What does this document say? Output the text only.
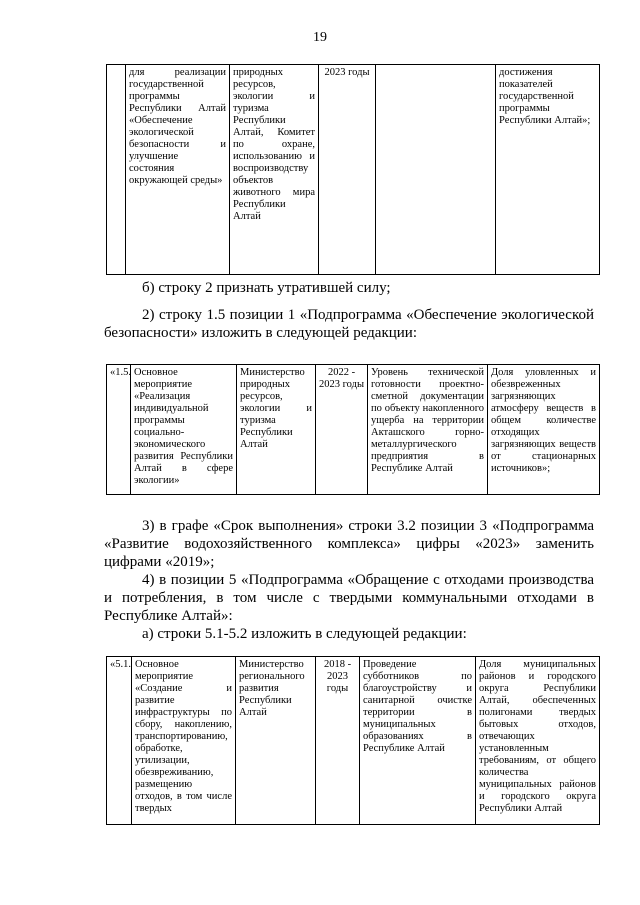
19
	для реализации государственной программы Республики Алтай «Обеспечение экологической безопасности и улучшение состояния окружающей среды»	природных ресурсов, экологии и туризма Республики Алтай, Комитет по охране, использованию и воспроизводству объектов животного мира Республики Алтай	2023 годы		достижения показателей государственной программы Республики Алтай»;

б) строку 2 признать утратившей силу;

2) строку 1.5 позиции 1 «Подпрограмма «Обеспечение экологической безопасности» изложить в следующей редакции:

«1.5.	Основное мероприятие «Реализация индивидуальной программы социально-экономического развития Республики Алтай в сфере экологии»	Министерство природных ресурсов, экологии и туризма Республики Алтай	2022 - 2023 годы	Уровень технической готовности проектно-сметной документации по объекту накопленного ущерба на территории Акташского горно-металлургического предприятия в Республике Алтай	Доля уловленных и обезвреженных загрязняющих атмосферу веществ в общем количестве отходящих загрязняющих веществ от стационарных источников»;

3) в графе «Срок выполнения» строки 3.2 позиции 3 «Подпрограмма «Развитие водохозяйственного комплекса» цифры «2023» заменить цифрами «2019»;

4) в позиции 5 «Подпрограмма «Обращение с отходами производства и потребления, в том числе с твердыми коммунальными отходами в Республике Алтай»:

а) строки 5.1-5.2 изложить в следующей редакции:

«5.1.	Основное мероприятие «Создание и развитие инфраструктуры по сбору, накоплению, транспортированию, обработке, утилизации, обезвреживанию, размещению отходов, в том числе твердых	Министерство регионального развития Республики Алтай	2018 - 2023 годы	Проведение субботников по благоустройству и санитарной очистке территории в муниципальных образованиях в Республике Алтай	Доля муниципальных районов и городского округа Республики Алтай, обеспеченных полигонами твердых бытовых отходов, отвечающих установленным требованиям, от общего количества муниципальных районов и городского округа Республики Алтай
